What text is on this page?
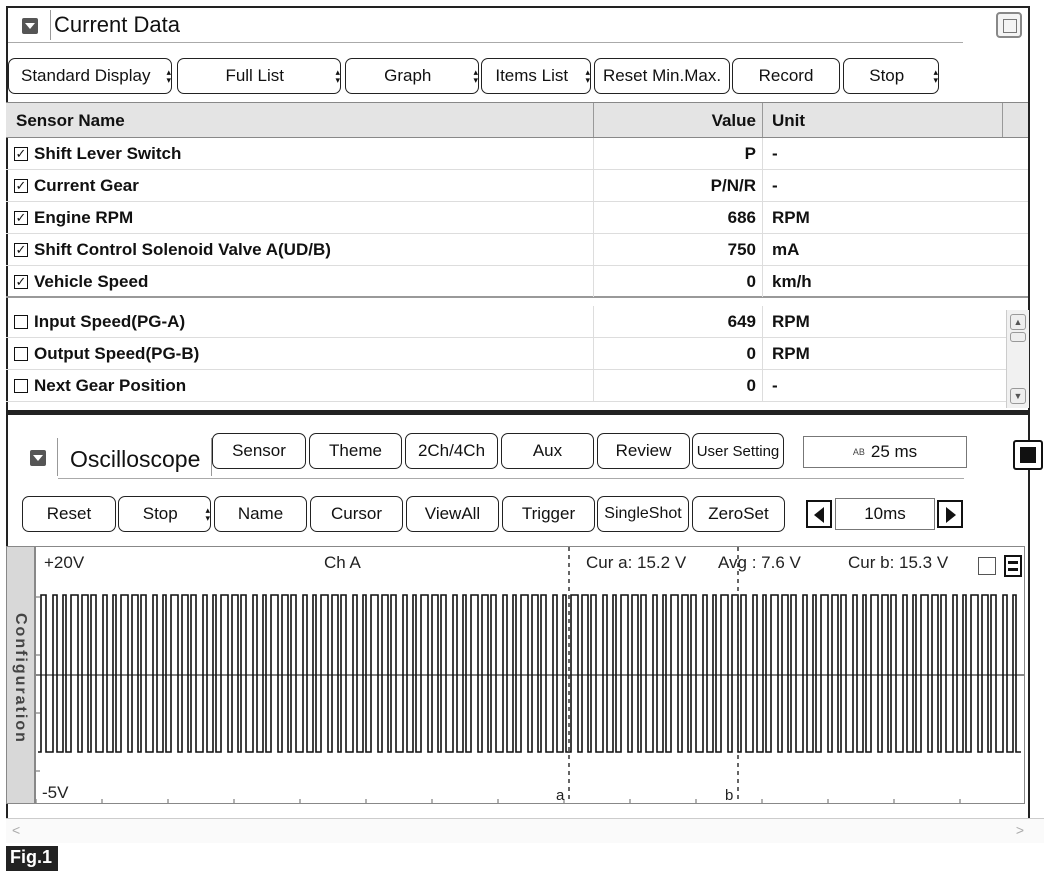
Current Data
Standard Display
▴ ▾	Full List
▴ ▾	Graph
▴ ▾	Items List
▴ ▾	Reset Min.Max.	Record	Stop
▴ ▾
Sensor Name	Value Unit
✓ Shift Lever Switch	P -
✓ Current Gear	P/N/R -
✓ Engine RPM	686 RPM
✓ Shift Control Solenoid Valve A(UD/B)	750 mA
✓ Vehicle Speed	0 km/h
Input Speed(PG-A)	649 RPM
Output Speed(PG-B)	0 RPM
Next Gear Position	0 -
▲
▼
Oscilloscope	Sensor	Theme	2Ch/4Ch	Aux	Review	User Setting	AB 25 ms
Reset	Stop
▴ ▾	Name	Cursor	ViewAll	Trigger	SingleShot	ZeroSet	10ms
Configuration
+20V	Ch A	Cur a: 15.2 V Avg : 7.6 V	Cur b: 15.3 V
-5V	a	b
<	>
Fig.1
